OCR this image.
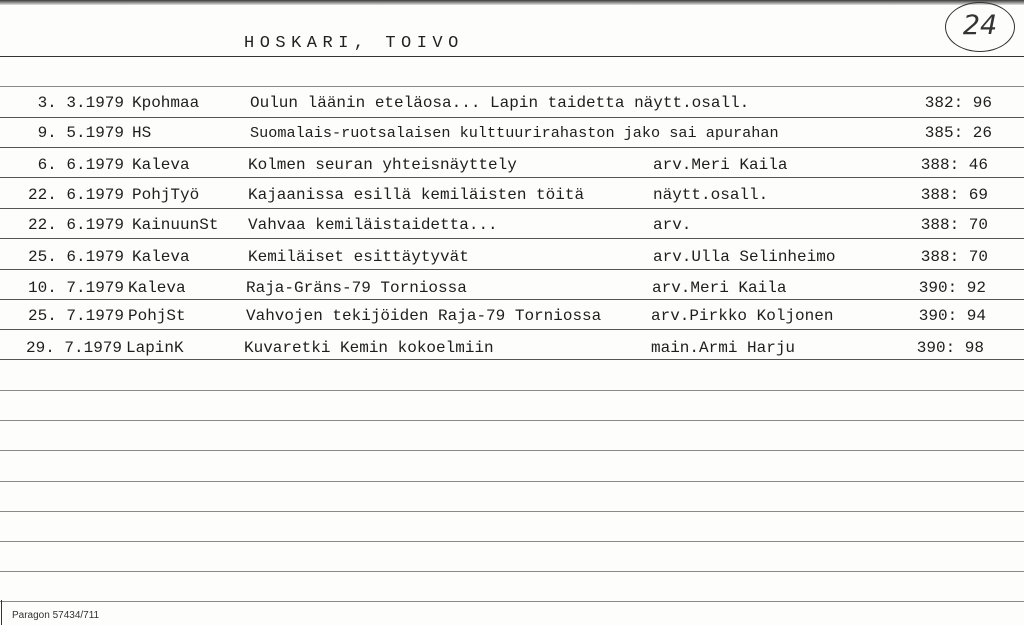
HOSKARI, TOIVO
24
3. 3.1979 Kpohmaa	Oulun läänin eteläosa... Lapin taidetta näytt.osall.	382: 96
9. 5.1979 HS	Suomalais-ruotsalaisen kulttuurirahaston jako sai apurahan	385: 26
6. 6.1979 Kaleva	Kolmen seuran yhteisnäyttely	arv.Meri Kaila	388: 46
22. 6.1979 PohjTyö	Kajaanissa esillä kemiläisten töitä	näytt.osall.	388: 69
22. 6.1979 KainuunSt Vahvaa kemiläistaidetta...	arv.	388: 70
25. 6.1979 Kaleva	Kemiläiset esittäytyvät	arv.Ulla Selinheimo	388: 70
10. 7.1979 Kaleva	Raja-Gräns-79 Torniossa	arv.Meri Kaila	390: 92
25. 7.1979 PohjSt	Vahvojen tekijöiden Raja-79 Torniossa	arv.Pirkko Koljonen	390: 94
29. 7.1979 LapinK	Kuvaretki Kemin kokoelmiin	main.Armi Harju	390: 98
Paragon 57434/711
